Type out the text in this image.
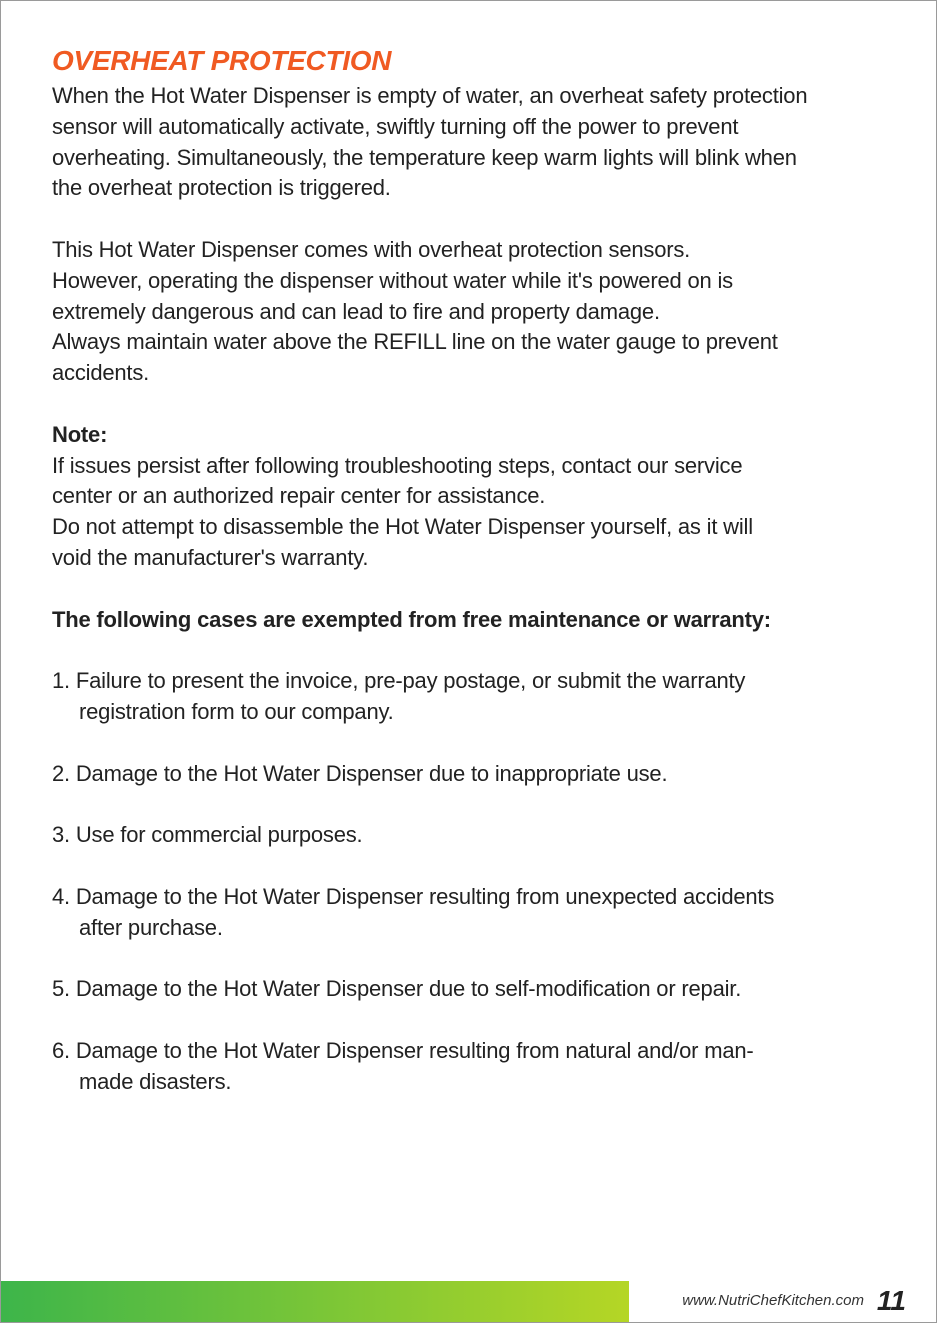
OVERHEAT PROTECTION
When the Hot Water Dispenser is empty of water, an overheat safety protection
sensor will automatically activate, swiftly turning off the power to prevent
overheating. Simultaneously, the temperature keep warm lights will blink when
the overheat protection is triggered.
This Hot Water Dispenser comes with overheat protection sensors.
However, operating the dispenser without water while it's powered on is
extremely dangerous and can lead to fire and property damage.
Always maintain water above the REFILL line on the water gauge to prevent
accidents.
Note:
If issues persist after following troubleshooting steps, contact our service
center or an authorized repair center for assistance.
Do not attempt to disassemble the Hot Water Dispenser yourself, as it will
void the manufacturer's warranty.
The following cases are exempted from free maintenance or warranty:
1. Failure to present the invoice, pre-pay postage, or submit the warranty
registration form to our company.
2. Damage to the Hot Water Dispenser due to inappropriate use.
3. Use for commercial purposes.
4. Damage to the Hot Water Dispenser resulting from unexpected accidents
after purchase.
5. Damage to the Hot Water Dispenser due to self-modification or repair.
6. Damage to the Hot Water Dispenser resulting from natural and/or man-
made disasters.
www.NutriChefKitchen.com 11
